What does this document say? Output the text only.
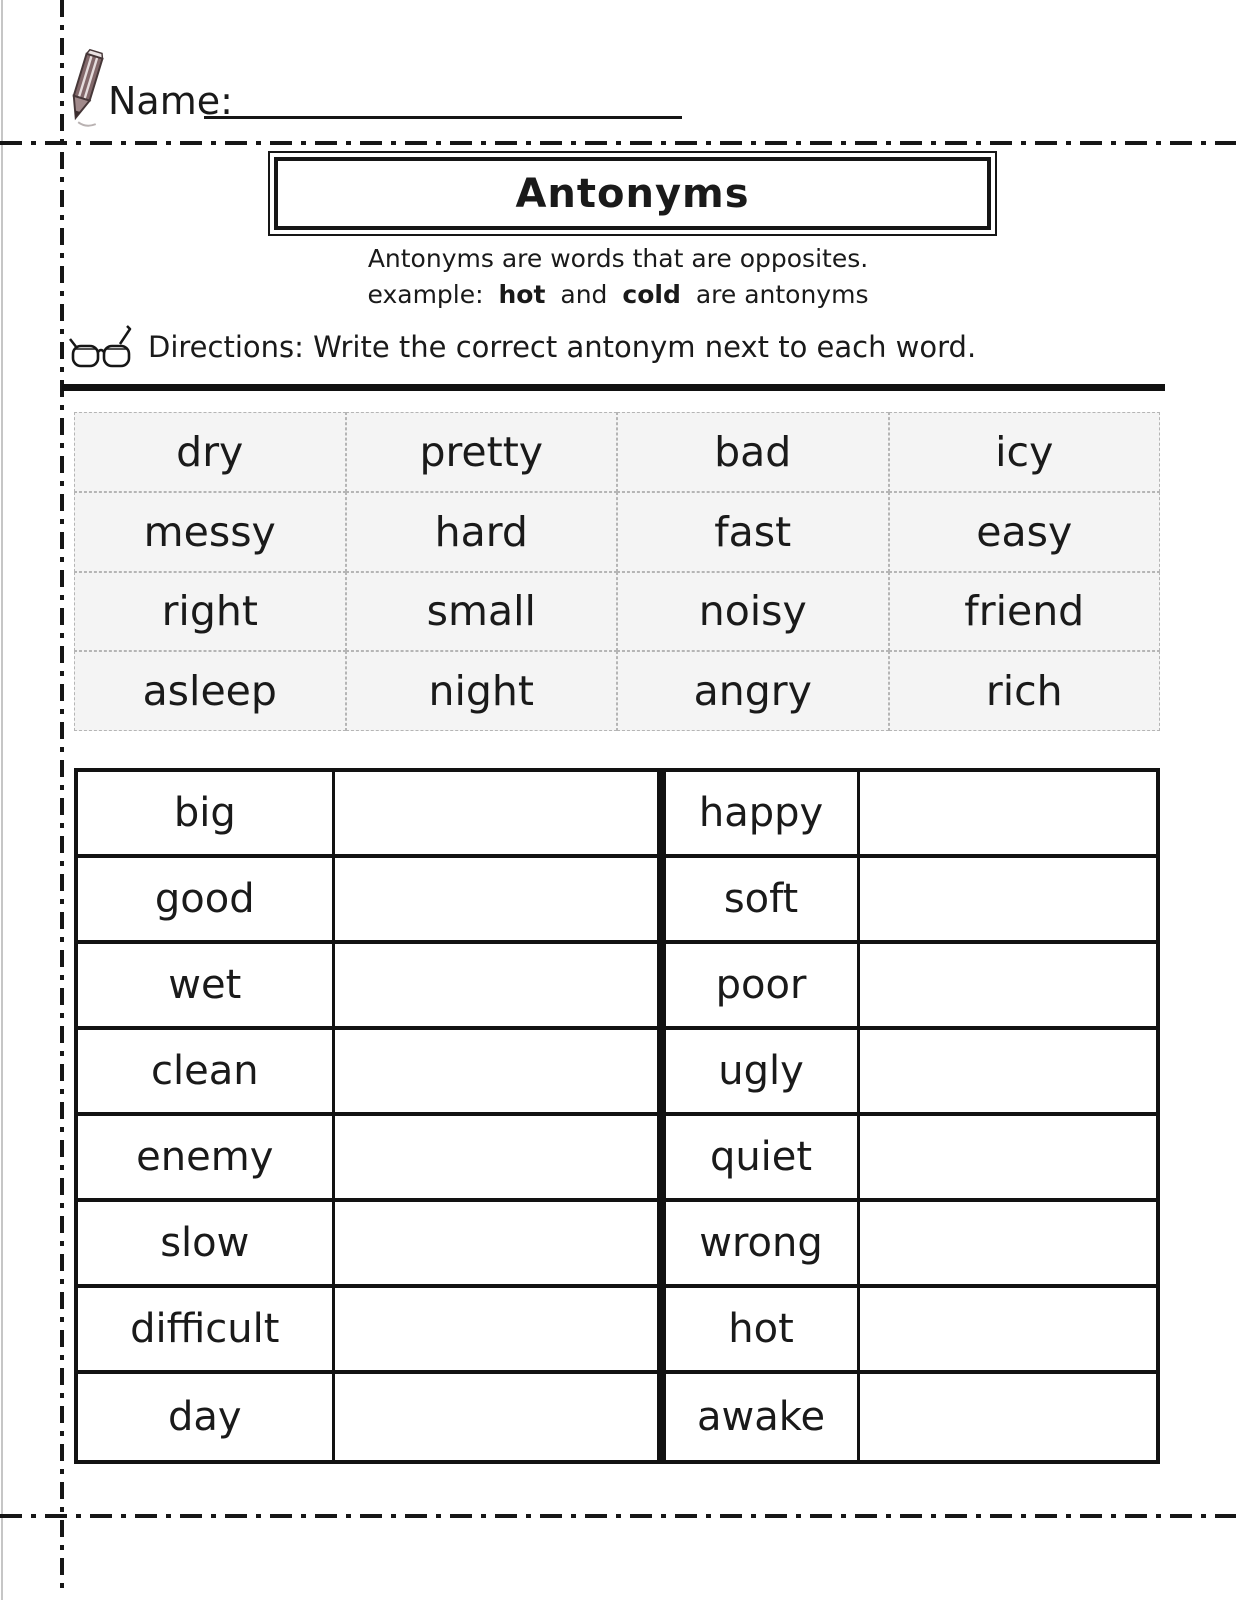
Name:
Antonyms
Antonyms are words that are opposites.
example: hot and cold are antonyms
Directions: Write the correct antonym next to each word.
dry	pretty	bad	icy
messy	hard	fast	easy
right	small	noisy	friend
asleep	night	angry	rich
big	happy
good	soft
wet	poor
clean	ugly
enemy	quiet
slow	wrong
difficult	hot
day	awake
